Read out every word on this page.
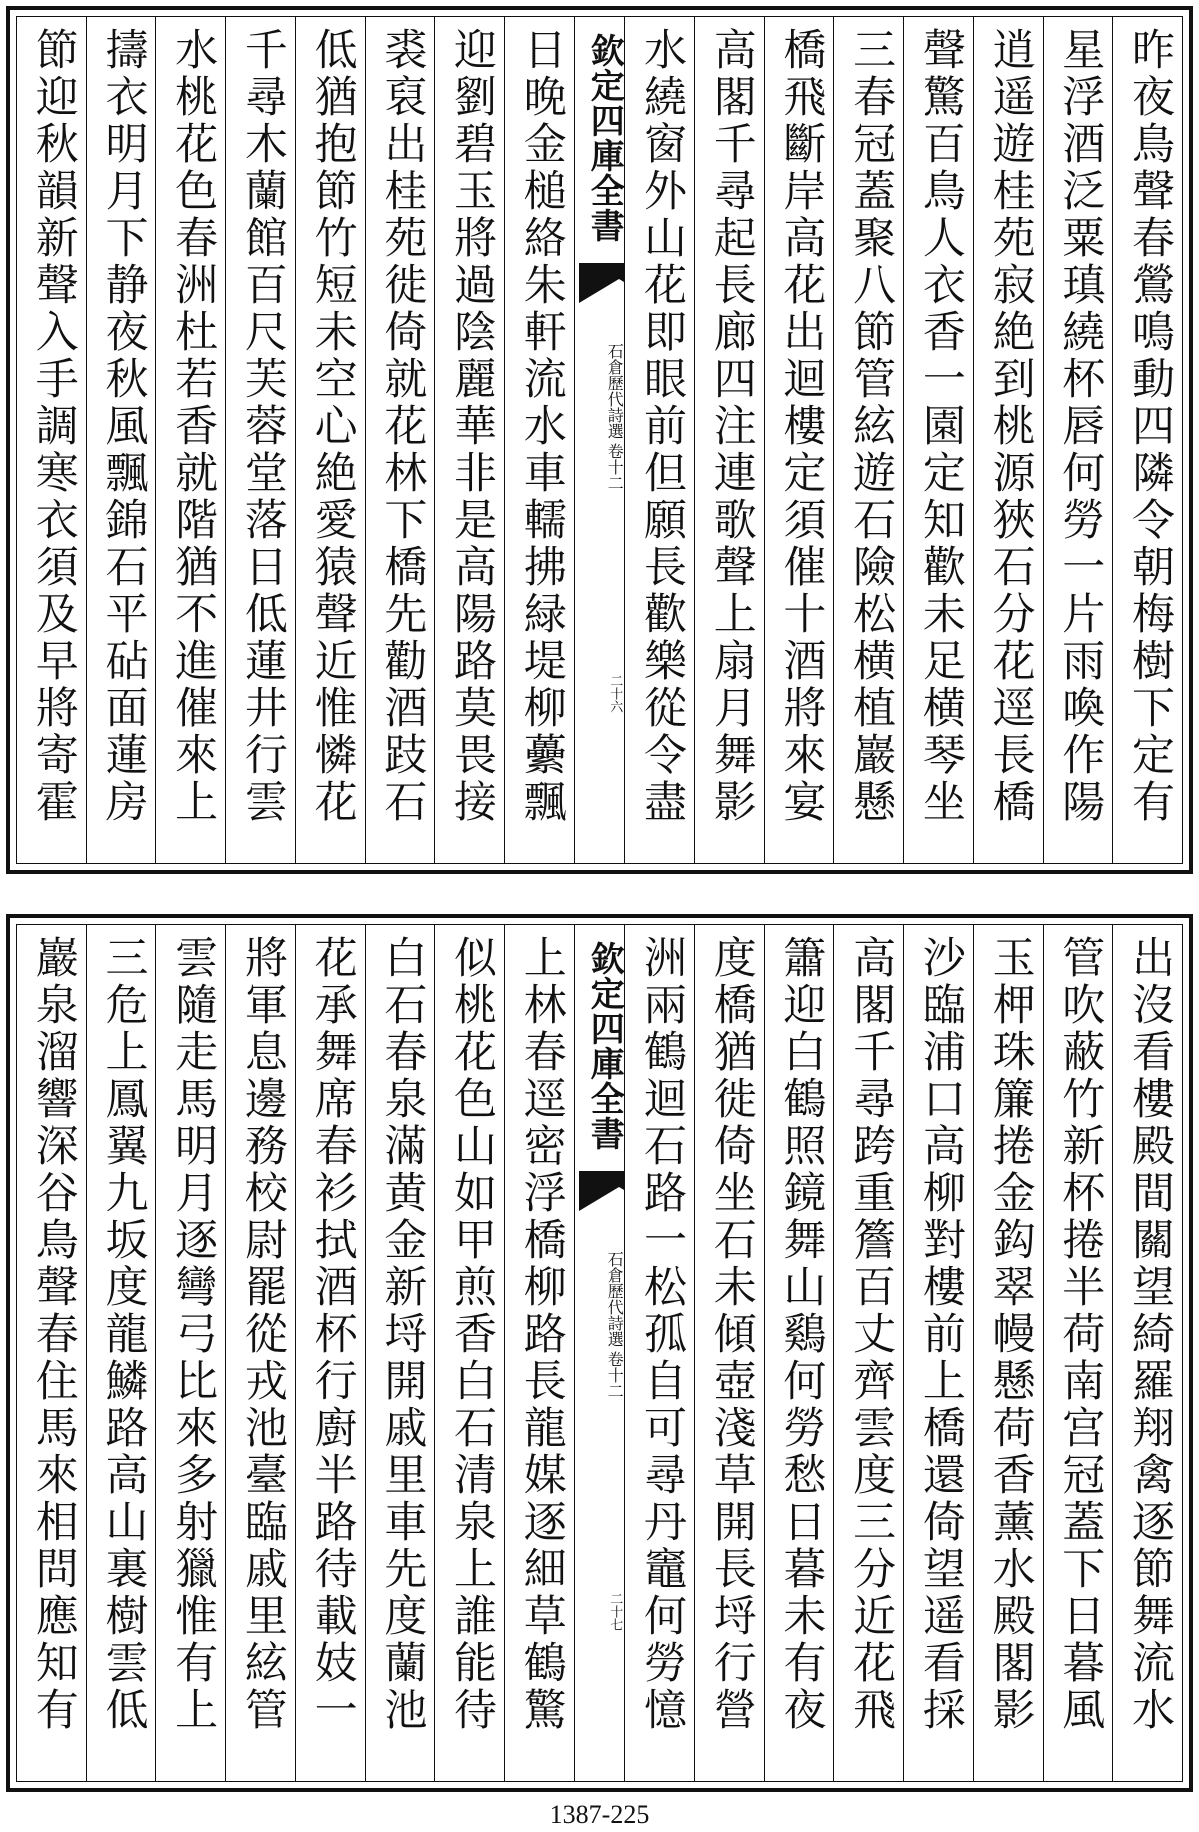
昨夜鳥聲春鶯鳴動四隣令朝梅樹下定有
星浮酒泛粟瑱繞杯唇何勞一片雨喚作陽
逍遥遊桂苑寂絶到桃源狹石分花逕長橋
聲驚百鳥人衣香一園定知歡未足横琴坐
三春冠蓋聚八節管絃遊石險松横植巖懸
橋飛斷岸高花出迴樓定須催十酒將來宴
高閣千尋起長廊四注連歌聲上扇月舞影
水繞窗外山花即眼前但願長歡樂從令盡
欽定四庫全書
石倉歷代詩選
卷十二
二十六
日晚金槌絡朱軒流水車轜拂緑堤柳虆飄
迎劉碧玉將過陰麗華非是高陽路莫畏接
裘裒出桂苑徙倚就花林下橋先勸酒跂石
低猶抱節竹短未空心絶愛猿聲近惟憐花
千尋木蘭館百尺芙蓉堂落日低蓮井行雲
水桃花色春洲杜若香就階猶不進催來上
擣衣明月下静夜秋風飄錦石平砧面蓮房
節迎秋韻新聲入手調寒衣須及早將寄霍
出沒看樓殿間關望綺羅翔禽逐節舞流水
管吹蔽竹新杯捲半荷南宫冠蓋下日暮風
玉柙珠簾捲金鈎翠幔懸荷香薰水殿閣影
沙臨浦口高柳對樓前上橋還倚望遥看採
高閣千尋跨重簷百丈齊雲度三分近花飛
簫迎白鶴照鏡舞山鷄何勞愁日暮未有夜
度橋猶徙倚坐石未傾壺淺草開長埒行營
洲兩鶴迴石路一松孤自可尋丹竈何勞憶
欽定四庫全書
石倉歷代詩選
卷十二
二十七
上林春逕密浮橋柳路長龍媒逐細草鶴驚
似桃花色山如甲煎香白石清泉上誰能待
白石春泉滿黄金新埒開戚里車先度蘭池
花承舞席春衫拭酒杯行廚半路待載妓一
將軍息邊務校尉罷從戎池臺臨戚里絃管
雲隨走馬明月逐彎弓比來多射獵惟有上
三危上鳳翼九坂度龍鱗路高山裏樹雲低
巖泉溜響深谷鳥聲春住馬來相問應知有
1387-225
